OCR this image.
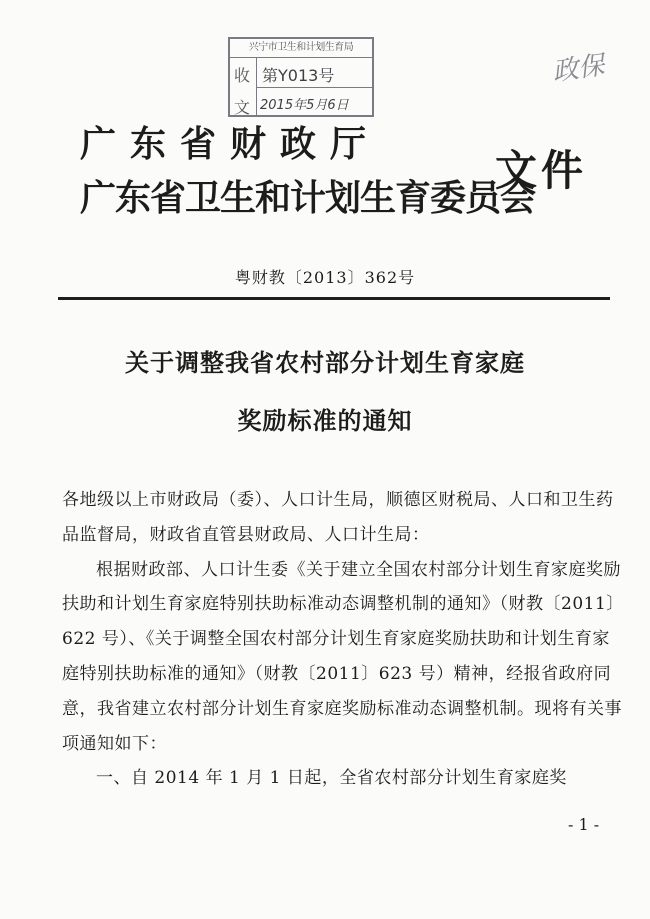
兴宁市卫生和计划生育局
收
文
第Y013号
2015年5月6日
政保
广东省财政厅
广东省卫生和计划生育委员会
文件
粤财教〔2013〕362号
关于调整我省农村部分计划生育家庭
奖励标准的通知

各地级以上市财政局（委）、人口计生局，顺德区财税局、人口和卫生药品监督局，财政省直管县财政局、人口计生局：

根据财政部、人口计生委《关于建立全国农村部分计划生育家庭奖励扶助和计划生育家庭特别扶助标准动态调整机制的通知》（财教〔2011〕622 号）、《关于调整全国农村部分计划生育家庭奖励扶助和计划生育家庭特别扶助标准的通知》（财教〔2011〕623 号）精神，经报省政府同意，我省建立农村部分计划生育家庭奖励标准动态调整机制。现将有关事项通知如下：

一、自 2014 年 1 月 1 日起，全省农村部分计划生育家庭奖

- 1 -
